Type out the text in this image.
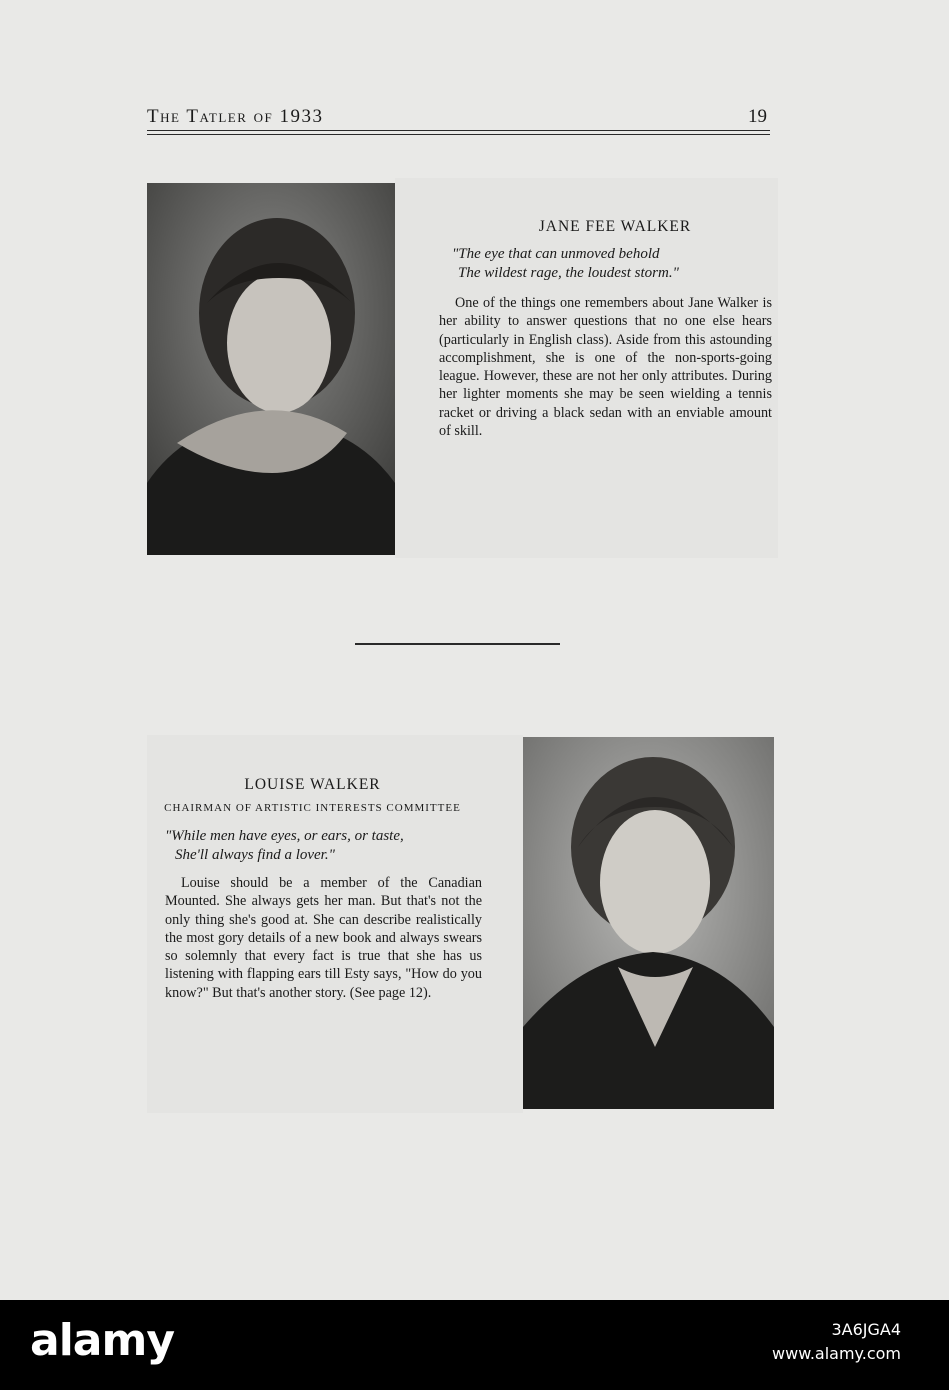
The Tatler of 1933	19
JANE FEE WALKER
"The eye that can unmoved behold
The wildest rage, the loudest storm."
One of the things one remembers about Jane Walker is her ability to answer questions that no one else hears (particularly in English class). Aside from this astounding accomplishment, she is one of the non-sports-going league. However, these are not her only attributes. During her lighter moments she may be seen wielding a tennis racket or driving a black sedan with an enviable amount of skill.
LOUISE WALKER
CHAIRMAN OF ARTISTIC INTERESTS COMMITTEE
"While men have eyes, or ears, or taste,
She'll always find a lover."
Louise should be a member of the Canadian Mounted. She always gets her man. But that's not the only thing she's good at. She can describe realistically the most gory details of a new book and always swears so solemnly that every fact is true that she has us listening with flapping ears till Esty says, "How do you know?" But that's another story. (See page 12).
alamy	3A6JGA4
www.alamy.com
